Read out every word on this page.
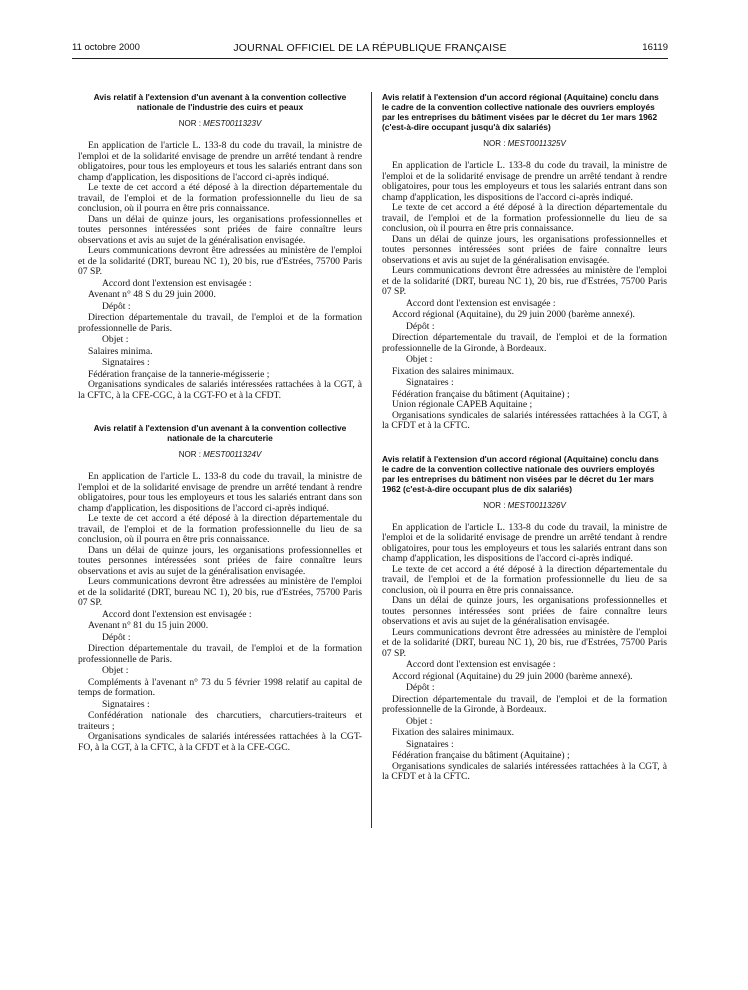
11 octobre 2000	JOURNAL OFFICIEL DE LA RÉPUBLIQUE FRANÇAISE	16119
Avis relatif à l'extension d'un avenant à la convention collective nationale de l'industrie des cuirs et peaux
NOR : MEST0011323V

En application de l'article L. 133-8 du code du travail, la ministre de l'emploi et de la solidarité envisage de prendre un arrêté tendant à rendre obligatoires, pour tous les employeurs et tous les salariés entrant dans son champ d'application, les dispositions de l'accord ci-après indiqué.

Le texte de cet accord a été déposé à la direction départementale du travail, de l'emploi et de la formation professionnelle du lieu de sa conclusion, où il pourra en être pris connaissance.

Dans un délai de quinze jours, les organisations professionnelles et toutes personnes intéressées sont priées de faire connaître leurs observations et avis au sujet de la généralisation envisagée.

Leurs communications devront être adressées au ministère de l'emploi et de la solidarité (DRT, bureau NC 1), 20 bis, rue d'Estrées, 75700 Paris 07 SP.

Accord dont l'extension est envisagée :

Avenant n° 48 S du 29 juin 2000.

Dépôt :

Direction départementale du travail, de l'emploi et de la formation professionnelle de Paris.

Objet :

Salaires minima.

Signataires :

Fédération française de la tannerie-mégisserie ;

Organisations syndicales de salariés intéressées rattachées à la CGT, à la CFTC, à la CFE-CGC, à la CGT-FO et à la CFDT.

Avis relatif à l'extension d'un avenant à la convention collective nationale de la charcuterie
NOR : MEST0011324V

En application de l'article L. 133-8 du code du travail, la ministre de l'emploi et de la solidarité envisage de prendre un arrêté tendant à rendre obligatoires, pour tous les employeurs et tous les salariés entrant dans son champ d'application, les dispositions de l'accord ci-après indiqué.

Le texte de cet accord a été déposé à la direction départementale du travail, de l'emploi et de la formation professionnelle du lieu de sa conclusion, où il pourra en être pris connaissance.

Dans un délai de quinze jours, les organisations professionnelles et toutes personnes intéressées sont priées de faire connaître leurs observations et avis au sujet de la généralisation envisagée.

Leurs communications devront être adressées au ministère de l'emploi et de la solidarité (DRT, bureau NC 1), 20 bis, rue d'Estrées, 75700 Paris 07 SP.

Accord dont l'extension est envisagée :

Avenant n° 81 du 15 juin 2000.

Dépôt :

Direction départementale du travail, de l'emploi et de la formation professionnelle de Paris.

Objet :

Compléments à l'avenant n° 73 du 5 février 1998 relatif au capital de temps de formation.

Signataires :

Confédération nationale des charcutiers, charcutiers-traiteurs et traiteurs ;

Organisations syndicales de salariés intéressées rattachées à la CGT-FO, à la CGT, à la CFTC, à la CFDT et à la CFE-CGC.

Avis relatif à l'extension d'un accord régional (Aquitaine) conclu dans le cadre de la convention collective nationale des ouvriers employés par les entreprises du bâtiment visées par le décret du 1er mars 1962 (c'est-à-dire occupant jusqu'à dix salariés)
NOR : MEST0011325V

En application de l'article L. 133-8 du code du travail, la ministre de l'emploi et de la solidarité envisage de prendre un arrêté tendant à rendre obligatoires, pour tous les employeurs et tous les salariés entrant dans son champ d'application, les dispositions de l'accord ci-après indiqué.

Le texte de cet accord a été déposé à la direction départementale du travail, de l'emploi et de la formation professionnelle du lieu de sa conclusion, où il pourra en être pris connaissance.

Dans un délai de quinze jours, les organisations professionnelles et toutes personnes intéressées sont priées de faire connaître leurs observations et avis au sujet de la généralisation envisagée.

Leurs communications devront être adressées au ministère de l'emploi et de la solidarité (DRT, bureau NC 1), 20 bis, rue d'Estrées, 75700 Paris 07 SP.

Accord dont l'extension est envisagée :

Accord régional (Aquitaine), du 29 juin 2000 (barème annexé).

Dépôt :

Direction départementale du travail, de l'emploi et de la formation professionnelle de la Gironde, à Bordeaux.

Objet :

Fixation des salaires minimaux.

Signataires :

Fédération française du bâtiment (Aquitaine) ;

Union régionale CAPEB Aquitaine ;

Organisations syndicales de salariés intéressées rattachées à la CGT, à la CFDT et à la CFTC.

Avis relatif à l'extension d'un accord régional (Aquitaine) conclu dans le cadre de la convention collective nationale des ouvriers employés par les entreprises du bâtiment non visées par le décret du 1er mars 1962 (c'est-à-dire occupant plus de dix salariés)
NOR : MEST0011326V

En application de l'article L. 133-8 du code du travail, la ministre de l'emploi et de la solidarité envisage de prendre un arrêté tendant à rendre obligatoires, pour tous les employeurs et tous les salariés entrant dans son champ d'application, les dispositions de l'accord ci-après indiqué.

Le texte de cet accord a été déposé à la direction départementale du travail, de l'emploi et de la formation professionnelle du lieu de sa conclusion, où il pourra en être pris connaissance.

Dans un délai de quinze jours, les organisations professionnelles et toutes personnes intéressées sont priées de faire connaître leurs observations et avis au sujet de la généralisation envisagée.

Leurs communications devront être adressées au ministère de l'emploi et de la solidarité (DRT, bureau NC 1), 20 bis, rue d'Estrées, 75700 Paris 07 SP.

Accord dont l'extension est envisagée :

Accord régional (Aquitaine) du 29 juin 2000 (barème annexé).

Dépôt :

Direction départementale du travail, de l'emploi et de la formation professionnelle de la Gironde, à Bordeaux.

Objet :

Fixation des salaires minimaux.

Signataires :

Fédération française du bâtiment (Aquitaine) ;

Organisations syndicales de salariés intéressées rattachées à la CGT, à la CFDT et à la CFTC.
